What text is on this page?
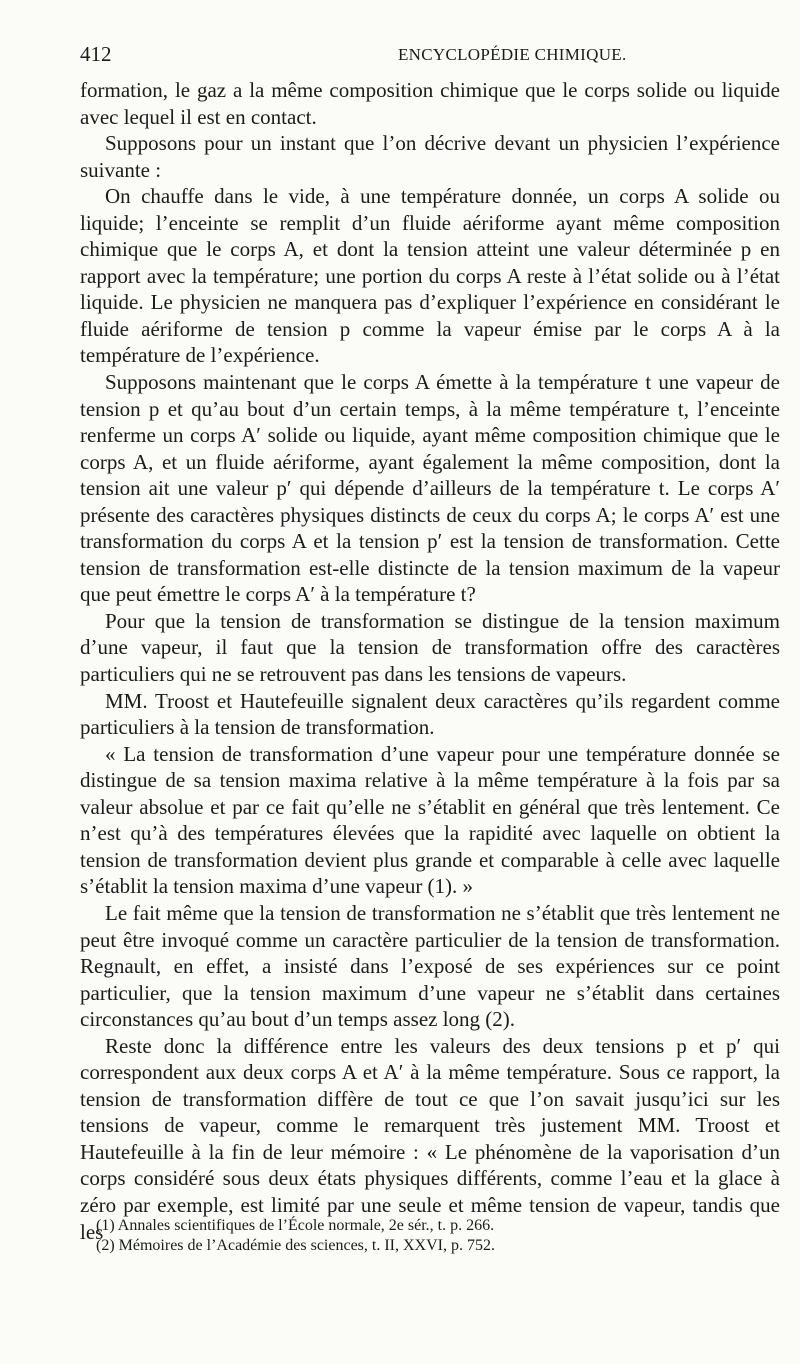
412	ENCYCLOPÉDIE CHIMIQUE.

formation, le gaz a la même composition chimique que le corps solide ou liquide avec lequel il est en contact.

Supposons pour un instant que l’on décrive devant un physicien l’expérience suivante :

On chauffe dans le vide, à une température donnée, un corps A solide ou liquide; l’enceinte se remplit d’un fluide aériforme ayant même composition chimique que le corps A, et dont la tension atteint une valeur déterminée p en rapport avec la température; une portion du corps A reste à l’état solide ou à l’état liquide. Le physicien ne manquera pas d’expliquer l’expérience en considérant le fluide aériforme de tension p comme la vapeur émise par le corps A à la température de l’expérience.

Supposons maintenant que le corps A émette à la température t une vapeur de tension p et qu’au bout d’un certain temps, à la même température t, l’enceinte renferme un corps A′ solide ou liquide, ayant même composition chimique que le corps A, et un fluide aériforme, ayant également la même composition, dont la tension ait une valeur p′ qui dépende d’ailleurs de la température t. Le corps A′ présente des caractères physiques distincts de ceux du corps A; le corps A′ est une transformation du corps A et la tension p′ est la tension de transformation. Cette tension de transformation est-elle distincte de la tension maximum de la vapeur que peut émettre le corps A′ à la température t?

Pour que la tension de transformation se distingue de la tension maximum d’une vapeur, il faut que la tension de transformation offre des caractères particuliers qui ne se retrouvent pas dans les tensions de vapeurs.

MM. Troost et Hautefeuille signalent deux caractères qu’ils regardent comme particuliers à la tension de transformation.

« La tension de transformation d’une vapeur pour une température donnée se distingue de sa tension maxima relative à la même température à la fois par sa valeur absolue et par ce fait qu’elle ne s’établit en général que très lentement. Ce n’est qu’à des températures élevées que la rapidité avec laquelle on obtient la tension de transformation devient plus grande et comparable à celle avec laquelle s’établit la tension maxima d’une vapeur (1). »

Le fait même que la tension de transformation ne s’établit que très lentement ne peut être invoqué comme un caractère particulier de la tension de transformation. Regnault, en effet, a insisté dans l’exposé de ses expériences sur ce point particulier, que la tension maximum d’une vapeur ne s’établit dans certaines circonstances qu’au bout d’un temps assez long (2).

Reste donc la différence entre les valeurs des deux tensions p et p′ qui correspondent aux deux corps A et A′ à la même température. Sous ce rapport, la tension de transformation diffère de tout ce que l’on savait jusqu’ici sur les tensions de vapeur, comme le remarquent très justement MM. Troost et Hautefeuille à la fin de leur mémoire : « Le phénomène de la vaporisation d’un corps considéré sous deux états physiques différents, comme l’eau et la glace à zéro par exemple, est limité par une seule et même tension de vapeur, tandis que les

(1) Annales scientifiques de l’École normale, 2e sér., t. p. 266.

(2) Mémoires de l’Académie des sciences, t. II, XXVI, p. 752.
